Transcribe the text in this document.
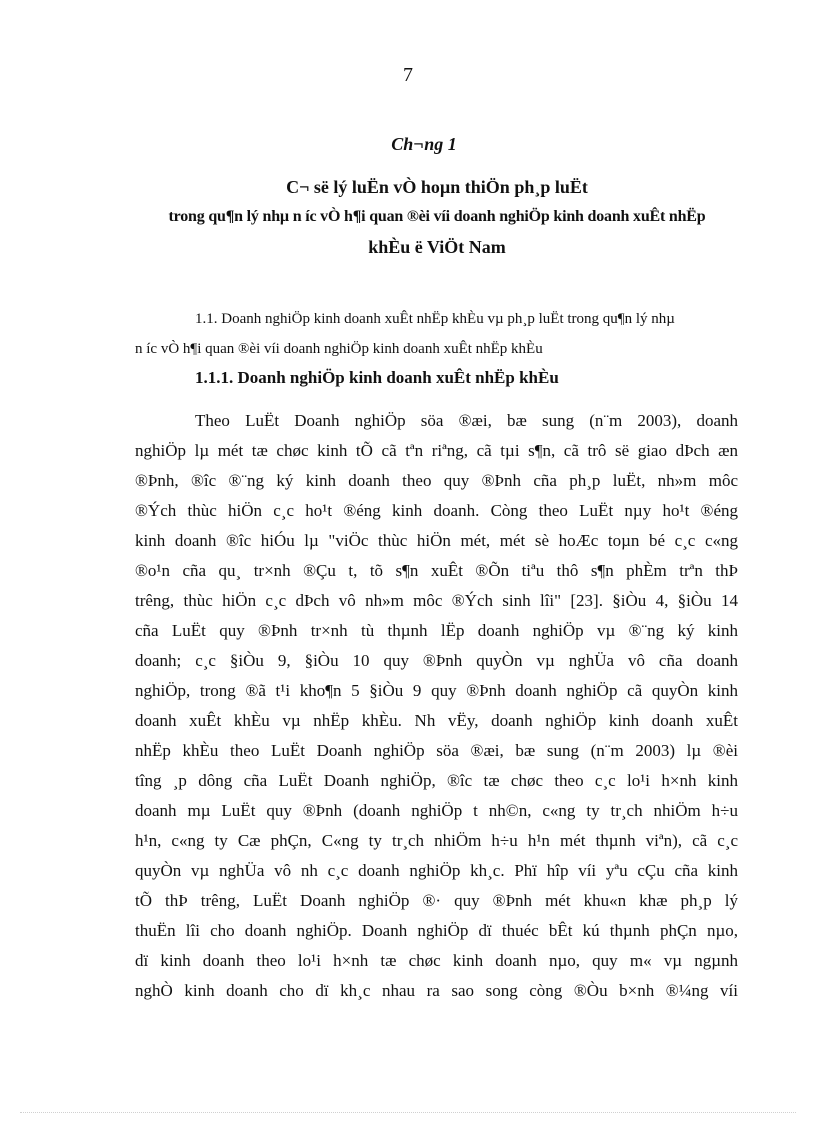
7
Ch¬ng 1
C¬ së lý luËn vÒ hoµn thiÖn ph¸p luËt
trong qu¶n lý nhµ n íc vÒ h¶i quan ®èi víi doanh nghiÖp kinh doanh xuÊt nhËp
khÈu ë ViÖt Nam
1.1. Doanh nghiÖp kinh doanh xuÊt nhËp khÈu vµ ph¸p luËt trong qu¶n lý nhµ
n íc vÒ h¶i quan ®èi víi doanh nghiÖp kinh doanh xuÊt nhËp khÈu
1.1.1. Doanh nghiÖp kinh doanh xuÊt nhËp khÈu
Theo LuËt Doanh nghiÖp söa ®æi, bæ sung (n¨m 2003), doanh
nghiÖp lµ mét tæ chøc kinh tÕ cã tªn riªng, cã tµi s¶n, cã trô së giao dÞch æn
®Þnh, ®îc ®¨ng ký kinh doanh theo quy ®Þnh cña ph¸p luËt, nh»m môc
®Ých thùc hiÖn c¸c ho¹t ®éng kinh doanh. Còng theo LuËt nµy ho¹t ®éng
kinh doanh ®îc hiÓu lµ "viÖc thùc hiÖn mét, mét sè hoÆc toµn bé c¸c c«ng
®o¹n cña qu¸ tr×nh ®Çu t, tõ s¶n xuÊt ®Õn tiªu thô s¶n phÈm trªn thÞ
trêng, thùc hiÖn c¸c dÞch vô nh»m môc ®Ých sinh lîi" [23]. §iÒu 4, §iÒu 14
cña LuËt quy ®Þnh tr×nh tù thµnh lËp doanh nghiÖp vµ ®¨ng ký kinh
doanh; c¸c §iÒu 9, §iÒu 10 quy ®Þnh quyÒn vµ nghÜa vô cña doanh
nghiÖp, trong ®ã t¹i kho¶n 5 §iÒu 9 quy ®Þnh doanh nghiÖp cã quyÒn kinh
doanh xuÊt khÈu vµ nhËp khÈu. Nh vËy, doanh nghiÖp kinh doanh xuÊt
nhËp khÈu theo LuËt Doanh nghiÖp söa ®æi, bæ sung (n¨m 2003) lµ ®èi
tîng ¸p dông cña LuËt Doanh nghiÖp, ®îc tæ chøc theo c¸c lo¹i h×nh kinh
doanh mµ LuËt quy ®Þnh (doanh nghiÖp t nh©n, c«ng ty tr¸ch nhiÖm h÷u
h¹n, c«ng ty Cæ phÇn, C«ng ty tr¸ch nhiÖm h÷u h¹n mét thµnh viªn), cã c¸c
quyÒn vµ nghÜa vô nh c¸c doanh nghiÖp kh¸c. Phï hîp víi yªu cÇu cña kinh
tÕ thÞ trêng, LuËt Doanh nghiÖp ®· quy ®Þnh mét khu«n khæ ph¸p lý
thuËn lîi cho doanh nghiÖp. Doanh nghiÖp dï thuéc bÊt kú thµnh phÇn nµo,
dï kinh doanh theo lo¹i h×nh tæ chøc kinh doanh nµo, quy m« vµ ngµnh
nghÒ kinh doanh cho dï kh¸c nhau ra sao song còng ®Òu b×nh ®¼ng víi
